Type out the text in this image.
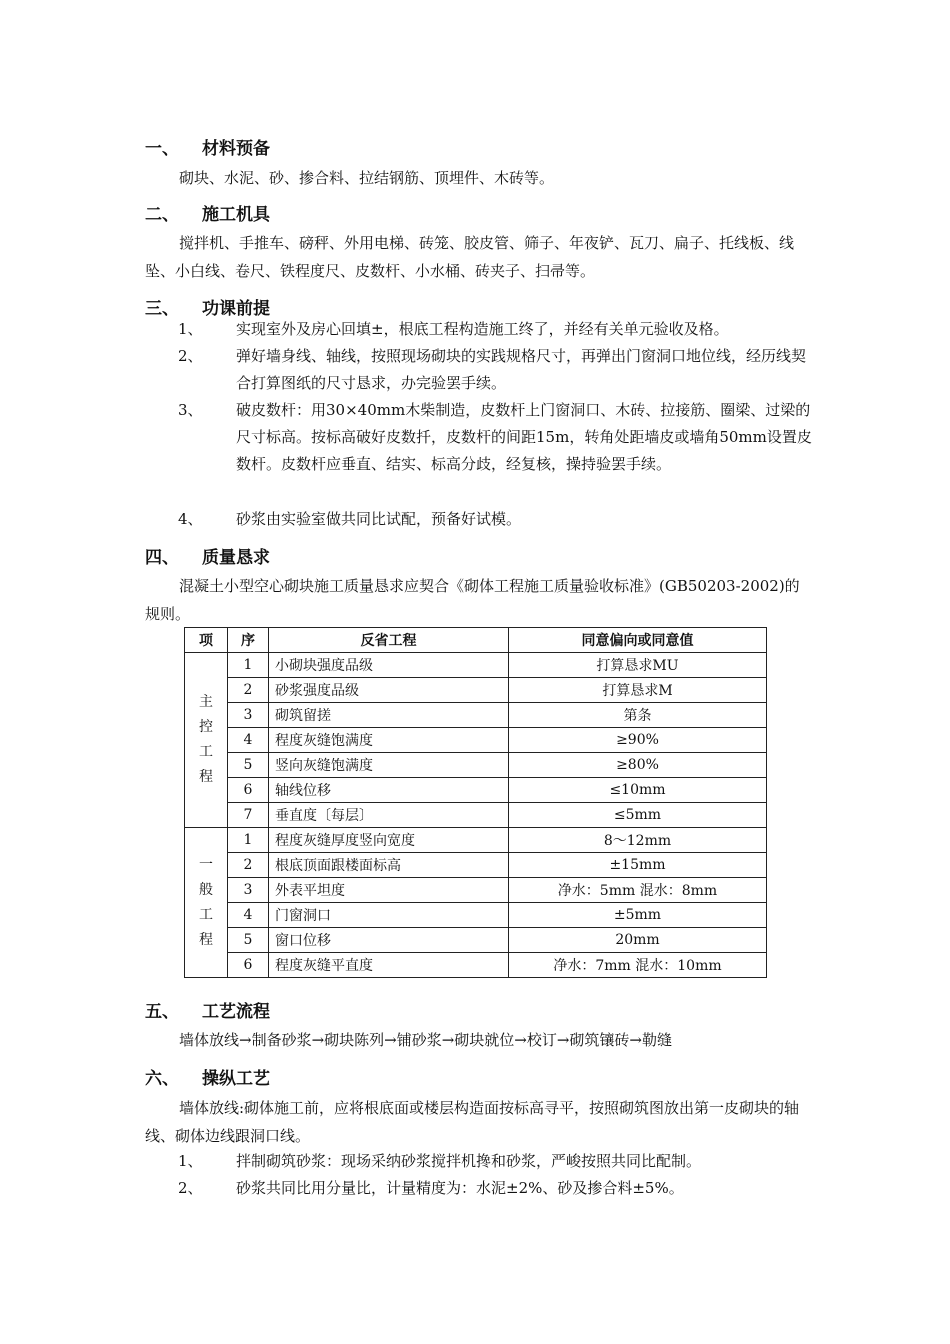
一、 材料预备
砌块、水泥、砂、掺合料、拉结钢筋、顶埋件、木砖等。
二、 施工机具
搅拌机、手推车、磅秤、外用电梯、砖笼、胶皮管、筛子、年夜铲、瓦刀、扁子、托线板、线坠、小白线、卷尺、铁程度尺、皮数杆、小水桶、砖夹子、扫帚等。
三、 功课前提
1、 实现室外及房心回填±，根底工程构造施工终了，并经有关单元验收及格。
2、 弹好墙身线、轴线，按照现场砌块的实践规格尺寸，再弹出门窗洞口地位线，经历线契合打算图纸的尺寸恳求，办完验罢手续。
3、 破皮数杆：用30×40mm木柴制造，皮数杆上门窗洞口、木砖、拉接筋、圈梁、过梁的尺寸标高。按标高破好皮数扦，皮数杆的间距15m，转角处距墙皮或墙角50mm设置皮数杆。皮数杆应垂直、结实、标高分歧，经复核，操持验罢手续。
4、 砂浆由实验室做共同比试配，预备好试模。
四、 质量恳求
混凝土小型空心砌块施工质量恳求应契合《砌体工程施工质量验收标准》(GB50203-2002)的规则。
项	序	反省工程	同意偏向或同意值
主控工程	1	小砌块强度品级	打算恳求MU
	2	砂浆强度品级	打算恳求M
	3	砌筑留搓	第条
	4	程度灰缝饱满度	≥90%
	5	竖向灰缝饱满度	≥80%
	6	轴线位移	≤10mm
	7	垂直度〔每层〕	≤5mm
一般工程	1	程度灰缝厚度竖向宽度	8～12mm
	2	根底顶面跟楼面标高	±15mm
	3	外表平坦度	净水：5mm 混水：8mm
	4	门窗洞口	±5mm
	5	窗口位移	20mm
	6	程度灰缝平直度	净水：7mm 混水：10mm
五、 工艺流程
墙体放线→制备砂浆→砌块陈列→铺砂浆→砌块就位→校订→砌筑镶砖→勒缝
六、 操纵工艺
墙体放线:砌体施工前，应将根底面或楼层构造面按标高寻平，按照砌筑图放出第一皮砌块的轴线、砌体边线跟洞口线。
1、 拌制砌筑砂浆：现场采纳砂浆搅拌机搀和砂浆，严峻按照共同比配制。
2、 砂浆共同比用分量比，计量精度为：水泥±2%、砂及掺合料±5%。
